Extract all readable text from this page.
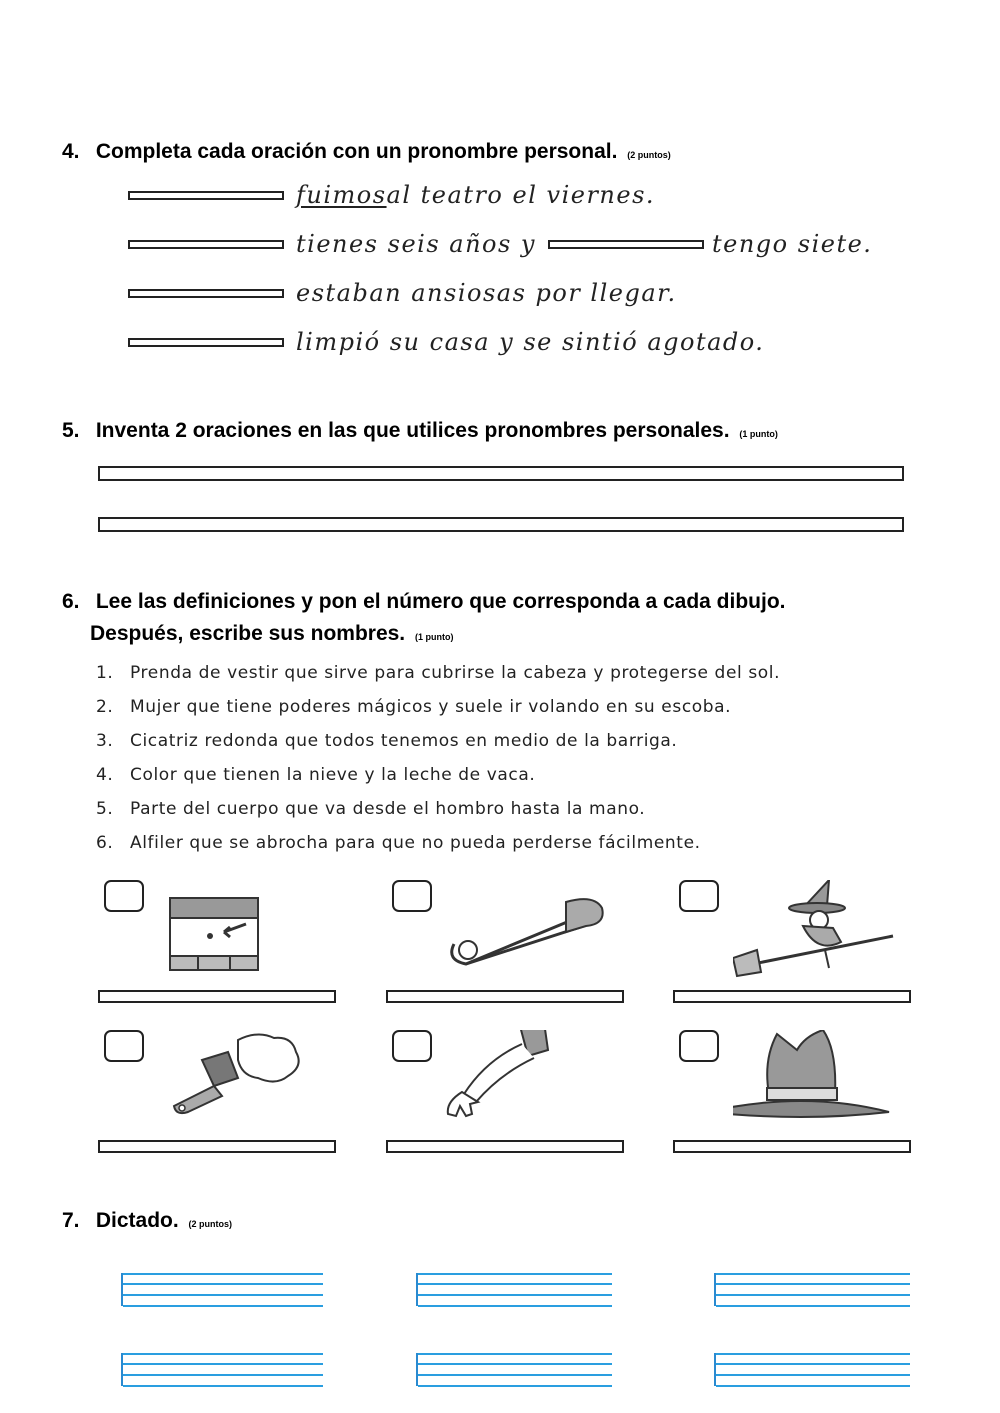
4. Completa cada oración con un pronombre personal. (2 puntos)
fuimos al teatro el viernes.
tienes seis años y	tengo siete.
estaban ansiosas por llegar.
limpió su casa y se sintió agotado.
5. Inventa 2 oraciones en las que utilices pronombres personales. (1 punto)
6. Lee las definiciones y pon el número que corresponda a cada dibujo.
Después, escribe sus nombres. (1 punto)
1. Prenda de vestir que sirve para cubrirse la cabeza y protegerse del sol.
2. Mujer que tiene poderes mágicos y suele ir volando en su escoba.
3. Cicatriz redonda que todos tenemos en medio de la barriga.
4. Color que tienen la nieve y la leche de vaca.
5. Parte del cuerpo que va desde el hombro hasta la mano.
6. Alfiler que se abrocha para que no pueda perderse fácilmente.
7. Dictado. (2 puntos)
